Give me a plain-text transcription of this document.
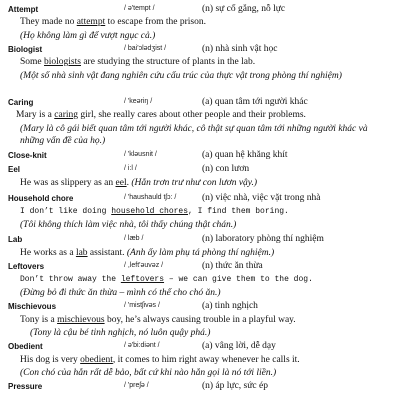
Attempt	/ ə'tempt /	(n) sự cố gắng, nỗ lực
They made no attempt to escape from the prison.
(Họ không làm gì để vượt ngục cả.)
Biologist	/ bai'ɔlədʒist /	(n) nhà sinh vật học
Some biologists are studying the structure of plants in the lab.
(Một số nhà sinh vật đang nghiên cứu cấu trúc của thực vật trong phòng thí nghiệm)
Caring	/ 'keəriŋ /	(a) quan tâm tới người khác
Mary is a caring girl, she really cares about other people and their problems.
(Mary là cô gái biết quan tâm tới người khác, cô thật sự quan tâm tới những người khác và những vấn đề của họ.)
Close-knit	/ 'kləusnit /	(a) quan hệ khăng khít
Eel	/ i:l /	(n) con lươn
He was as slippery as an eel. (Hắn trơn trư như con lươn vậy.)
Household chore	/ 'haushauld tʃɔ: /	(n) việc nhà, việc vặt trong nhà
I don’t like doing household chores, I find them boring.
(Tôi không thích làm việc nhà, tôi thấy chúng thật chán.)
Lab	/ læb /	(n) laboratory phòng thí nghiệm
He works as a lab assistant. (Anh ấy làm phụ tá phòng thí nghiệm.)
Leftovers	/ ,left'əuvəz /	(n) thức ăn thừa
Don’t throw away the leftovers – we can give them to the dog.
(Đừng bỏ đi thức ăn thừa – mình có thể cho chó ăn.)
Mischievous	/ 'mistʃivəs /	(a) tinh nghịch
Tony is a mischievous boy, he’s always causing trouble in a playful way.
(Tony là cậu bé tinh nghịch, nó luôn quậy phá.)
Obedient	/ ə'bi:diənt /	(a) vâng lời, dễ dạy
His dog is very obedient, it comes to him right away whenever he calls it.
(Con chó của hắn rất dễ bảo, bất cứ khi nào hắn gọi là nó tới liền.)
Pressure	/ 'preʃə /	(n) áp lực, sức ép
